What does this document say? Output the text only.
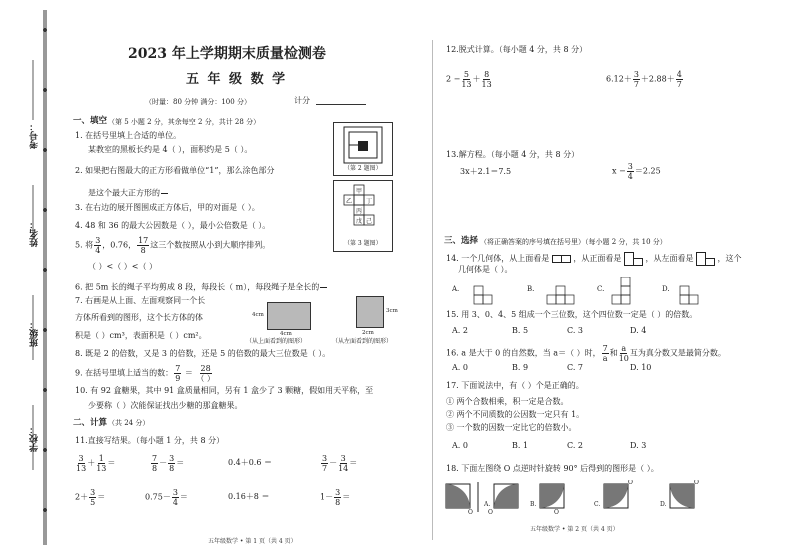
考号：
姓名：
班级：
学校：
2023 年上学期期末质量检测卷
五 年 级 数 学
（时量：80 分钟 满分：100 分）	计分
一、填空 （第 5 小题 2 分，其余每空 2 分，共计 28 分）
1. 在括号里填上合适的单位。
某教室的黑板长约是 4（ ），面积约是 5（ ）。
2. 如果把右图最大的正方形看做单位“1”，那么涂色部分
是这个最大正方形的

3. 在右边的展开图围成正方体后，甲的对面是（ ）。
4. 48 和 36 的最大公因数是（ ），最小公倍数是（ ）。
5. 将 $\frac{3}{4}$ ，0.76， $\frac{17}{8}$ 这三个数按照从小到大顺序排列。
（ ）<（ ）<（ ）
6. 把 5m 长的绳子平均剪成 8 段，每段长（ m），每段绳子是全长的

7. 右画是从上面、左面观察同一个长
方体所看到的图形，这个长方体的体
积是（ ）cm³，表面积是（ ）cm²。
8. 既是 2 的倍数，又是 3 的倍数，还是 5 的倍数的最大三位数是（ ）。
9. 在括号里填上适当的数： $\frac{7}{9} = \frac{28}{( )}$
10. 有 92 盒糖果，其中 91 盒质量相同，另有 1 盒少了 3 颗糖，假如用天平称，至
少要称（ ）次能保证找出少糖的那盒糖果。
二、计算 （共 24 分）
11.直接写结果。（每小题 1 分，共 8 分）
$\frac{3}{13} + \frac{1}{13}$ ＝	$\frac{7}{8} - \frac{3}{8}$ ＝	0.4＋0.6 ＝	$\frac{3}{7} - \frac{3}{14}$ ＝
$2+ \frac{3}{5}$ ＝	$0.75- \frac{3}{4}$ ＝	0.16＋8 ＝	$1- \frac{3}{8}$ ＝
（第 2 题图）
甲
乙
丙
丁
戊 己
（第 3 题图）
4cm
4cm
（从上面看到的图形）
3cm
2cm
（从左面看到的图形）
五年级数学 • 第 1 页（共 4 页）
12.脱式计算。（每小题 4 分，共 8 分）
$2 - \frac{5}{13} + \frac{8}{13}$	$6.12+ \frac{3}{7} +2.88+ \frac{4}{7}$
13.解方程。（每小题 4 分，共 8 分）
3x＋2.1＝7.5	$x - \frac{3}{4} =2.25$
三、选择 （将正确答案的序号填在括号里）（每小题 2 分，共 10 分）
14. 一个几何体，从上面看是	，从正面看是	，从左面看是	，这个
几何体是（ ）。
A.	B.	C.	D.
15. 用 3、0、4、5 组成一个三位数，这个四位数一定是（ ）的倍数。
A. 2	B. 5	C. 3	D. 4
16. a 是大于 0 的自然数，当 a＝（ ）时， $\frac{7}{a}$ 和 $\frac{a}{10}$ 互为真分数又是最简分数。
A. 0	B. 9	C. 7	D. 10
17. 下面说法中，有（ ）个是正确的。
① 两个合数相乘，积一定是合数。
② 两个不同质数的公因数一定只有 1。
③ 一个数的因数一定比它的倍数小。
A. 0	B. 1	C. 2	D. 3
18. 下面左图绕 O 点逆时针旋转 90° 后得到的图形是（ ）。
O
A.
O
B.
O
C.
O
D.
O
五年级数学 • 第 2 页（共 4 页）
